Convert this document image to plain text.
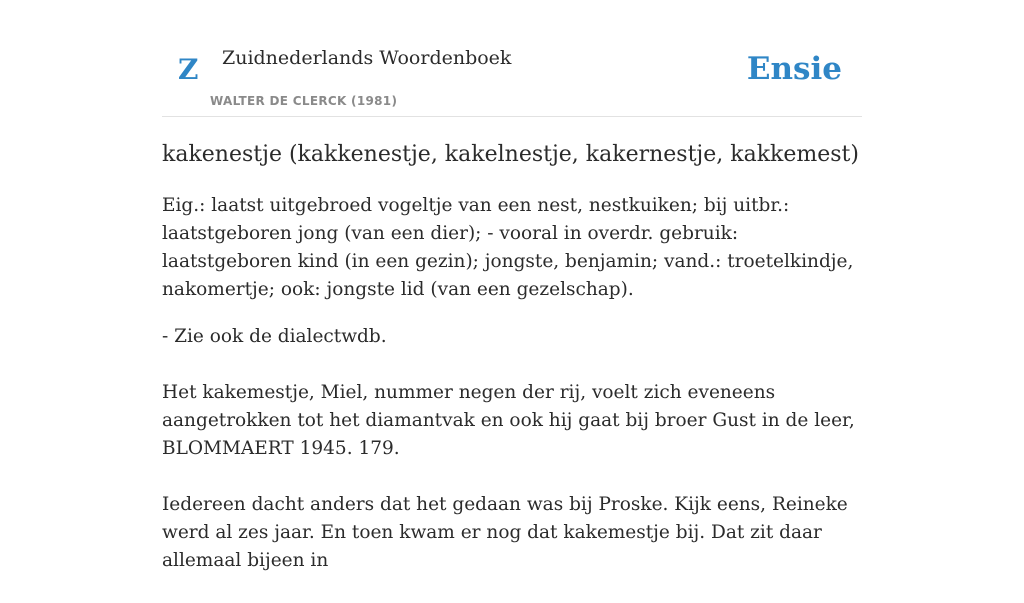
Z Zuidnederlands Woordenboek
WALTER DE CLERCK (1981)
Ensie
kakenestje (kakkenestje, kakelnestje, kakernestje, kakkemest)

Eig.: laatst uitgebroed vogeltje van een nest, nestkuiken; bij uitbr.: laatstgeboren jong (van een dier); - vooral in overdr. gebruik: laatstgeboren kind (in een gezin); jongste, benjamin; vand.: troetelkindje, nakomertje; ook: jongste lid (van een gezelschap).

- Zie ook de dialectwdb.

Het kakemestje, Miel, nummer negen der rij, voelt zich eveneens aangetrokken tot het diamantvak en ook hij gaat bij broer Gust in de leer, BLOMMAERT 1945. 179.

Iedereen dacht anders dat het gedaan was bij Proske. Kijk eens, Reineke werd al zes jaar. En toen kwam er nog dat kakemestje bij. Dat zit daar allemaal bijeen in
